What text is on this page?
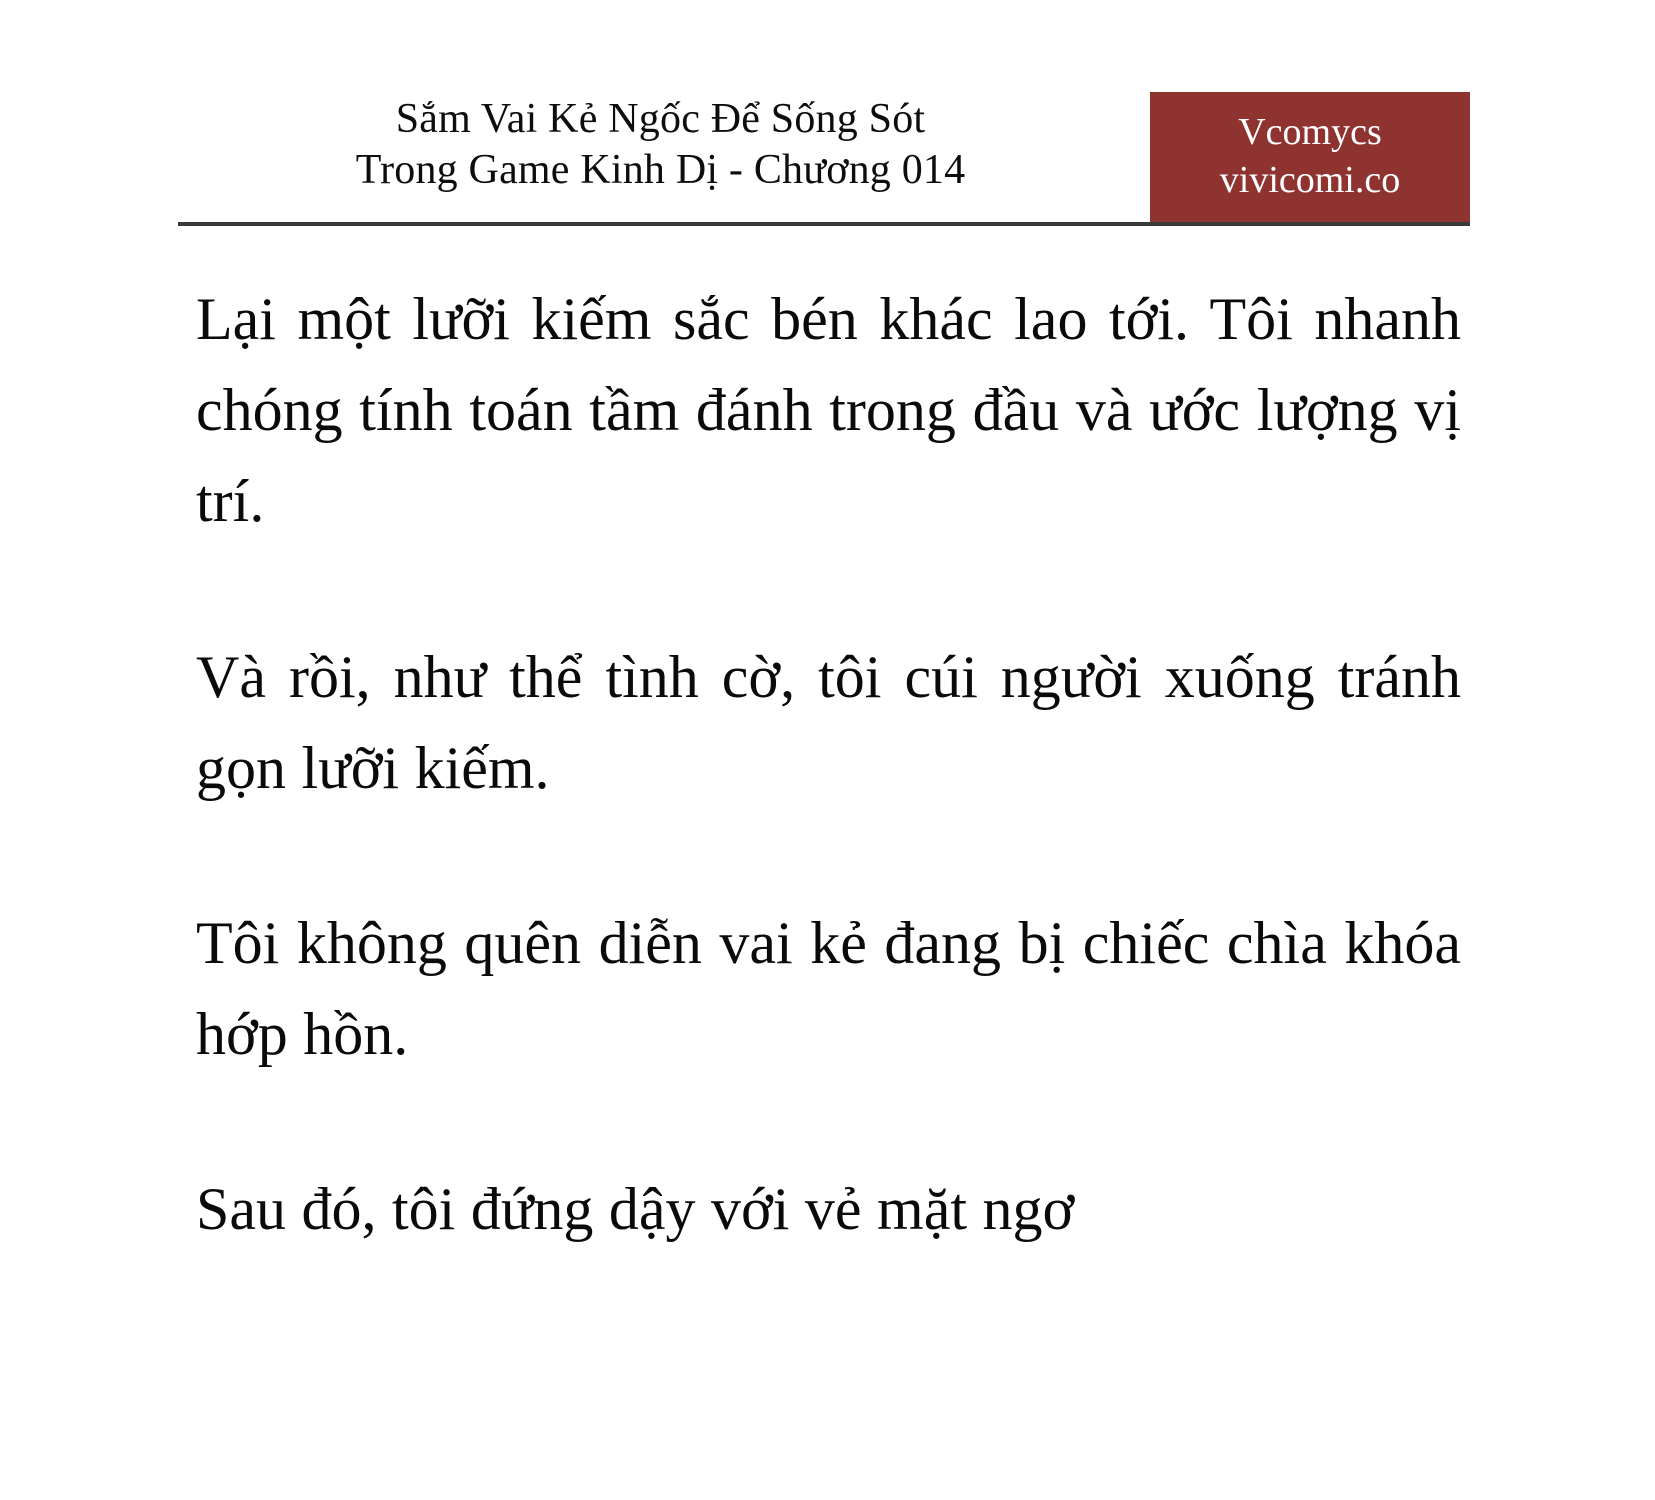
Sắm Vai Kẻ Ngốc Để Sống Sót
Trong Game Kinh Dị - Chương 014
Vcomycs
vivicomi.co

Lại một lưỡi kiếm sắc bén khác lao tới. Tôi nhanh chóng tính toán tầm đánh trong đầu và ước lượng vị trí.

Và rồi, như thể tình cờ, tôi cúi người xuống tránh gọn lưỡi kiếm.

Tôi không quên diễn vai kẻ đang bị chiếc chìa khóa hớp hồn.

Sau đó, tôi đứng dậy với vẻ mặt ngơ
